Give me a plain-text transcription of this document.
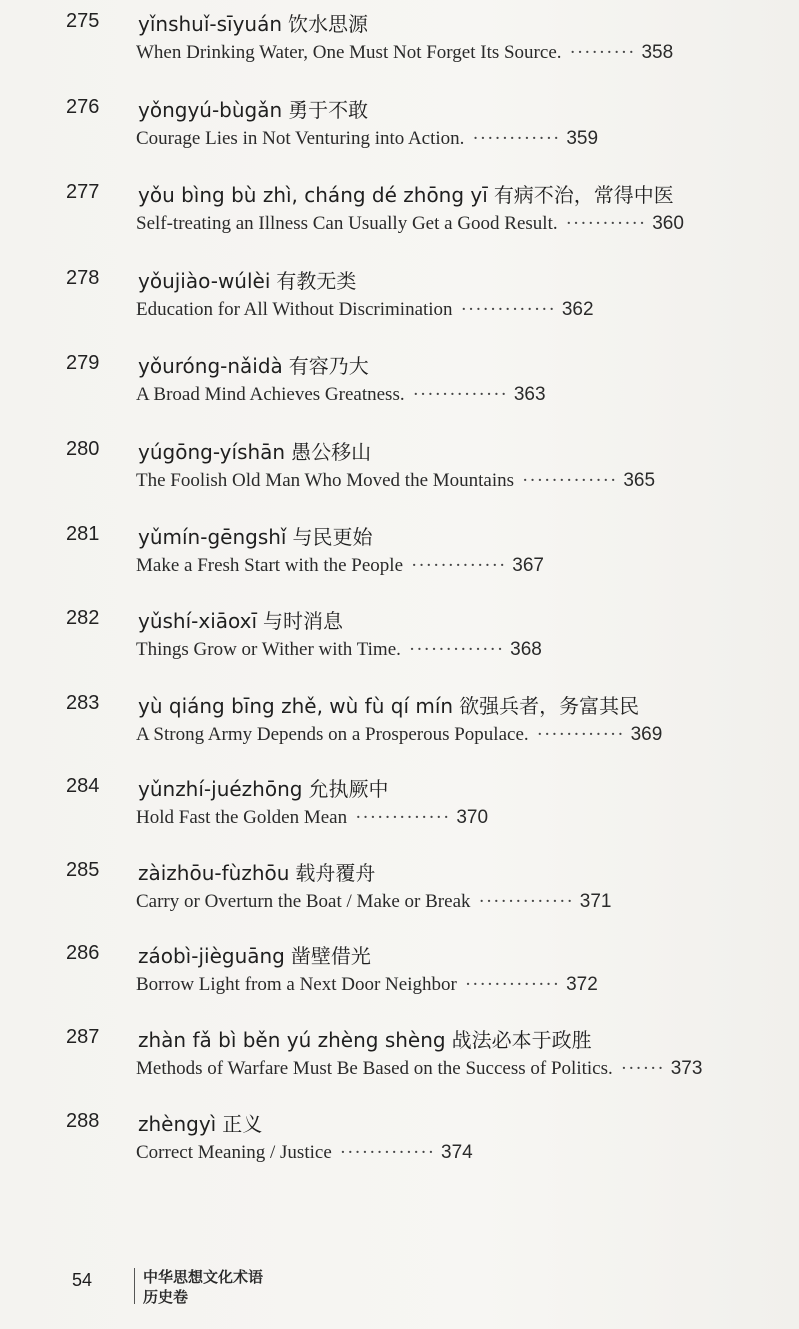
275	yǐnshuǐ-sīyuán 饮水思源
When Drinking Water, One Must Not Forget Its Source. ········· 358
276	yǒngyú-bùgǎn 勇于不敢
Courage Lies in Not Venturing into Action. ············ 359
277	yǒu bìng bù zhì, cháng dé zhōng yī 有病不治，常得中医
Self-treating an Illness Can Usually Get a Good Result. ··········· 360
278	yǒujiào-wúlèi 有教无类
Education for All Without Discrimination ············· 362
279	yǒuróng-nǎidà 有容乃大
A Broad Mind Achieves Greatness. ············· 363
280	yúgōng-yíshān 愚公移山
The Foolish Old Man Who Moved the Mountains ············· 365
281	yǔmín-gēngshǐ 与民更始
Make a Fresh Start with the People ············· 367
282	yǔshí-xiāoxī 与时消息
Things Grow or Wither with Time. ············· 368
283	yù qiáng bīng zhě, wù fù qí mín 欲强兵者，务富其民
A Strong Army Depends on a Prosperous Populace. ············ 369
284	yǔnzhí-juézhōng 允执厥中
Hold Fast the Golden Mean ············· 370
285	zàizhōu-fùzhōu 载舟覆舟
Carry or Overturn the Boat / Make or Break ············· 371
286	záobì-jièguāng 凿壁借光
Borrow Light from a Next Door Neighbor ············· 372
287	zhàn fǎ bì běn yú zhèng shèng 战法必本于政胜
Methods of Warfare Must Be Based on the Success of Politics. ······ 373
288	zhèngyì 正义
Correct Meaning / Justice ············· 374
54	中华思想文化术语
历史卷
